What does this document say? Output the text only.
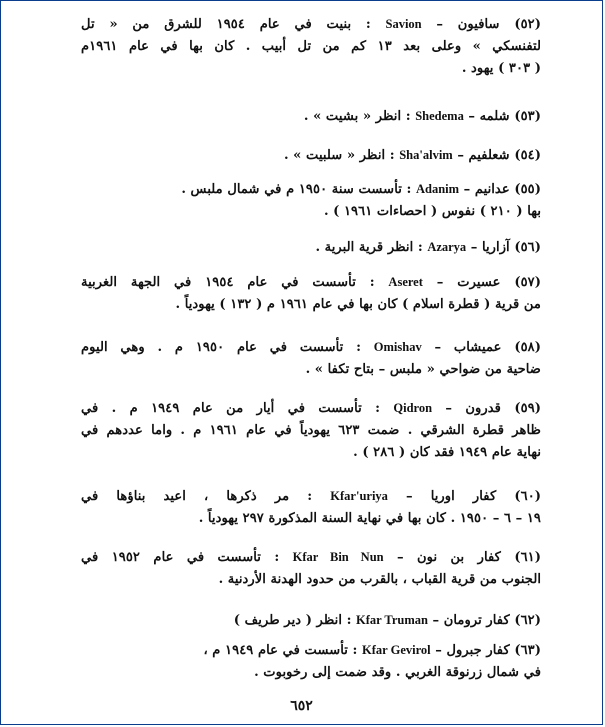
(٥٢) سافيون – Savion : بنيت في عام ١٩٥٤ للشرق من « تل
لتفنسكي » وعلى بعد ١٣ كم من تل أبيب . كان بها في عام ١٩٦١م
( ٣٠٣ ) يهود .
(٥٣) شلمه – Shedema : انظر « بشيت » .
(٥٤) شعلفيم – Sha'alvim : انظر « سلبيت » .
(٥٥) عدانيم – Adanim : تأسست سنة ١٩٥٠ م في شمال ملبس .
بها ( ٢١٠ ) نفوس ( احصاءات ١٩٦١ ) .
(٥٦) آزاريا – Azarya : انظر قرية البرية .
(٥٧) عسيرت – Aseret : تأسست في عام ١٩٥٤ في الجهة الغربية
من قرية ( قطرة اسلام ) كان بها في عام ١٩٦١ م ( ١٣٢ ) يهودياً .
(٥٨) عميشاب – Omishav : تأسست في عام ١٩٥٠ م . وهي اليوم
ضاحية من ضواحي « ملبس – بتاح تكفا » .
(٥٩) قدرون – Qidron : تأسست في أيار من عام ١٩٤٩ م . في
ظاهر قطرة الشرقي . ضمت ٦٢٣ يهودياً في عام ١٩٦١ م . واما عددهم في
نهاية عام ١٩٤٩ فقد كان ( ٢٨٦ ) .
(٦٠) كفار اوريا – Kfar'uriya : مر ذكرها ، اعيد بناؤها في
١٩ – ٦ – ١٩٥٠ . كان بها في نهاية السنة المذكورة ٢٩٧ يهودياً .
(٦١) كفار بن نون – Kfar Bin Nun : تأسست في عام ١٩٥٢ في
الجنوب من قرية القباب ، بالقرب من حدود الهدنة الأردنية .
(٦٢) كفار ترومان – Kfar Truman : انظر ( دير طريف )
(٦٣) كفار جبرول – Kfar Gevirol : تأسست في عام ١٩٤٩ م ،
في شمال زرنوقة الغربي . وقد ضمت إلى رخوبوت .
٦٥٢
